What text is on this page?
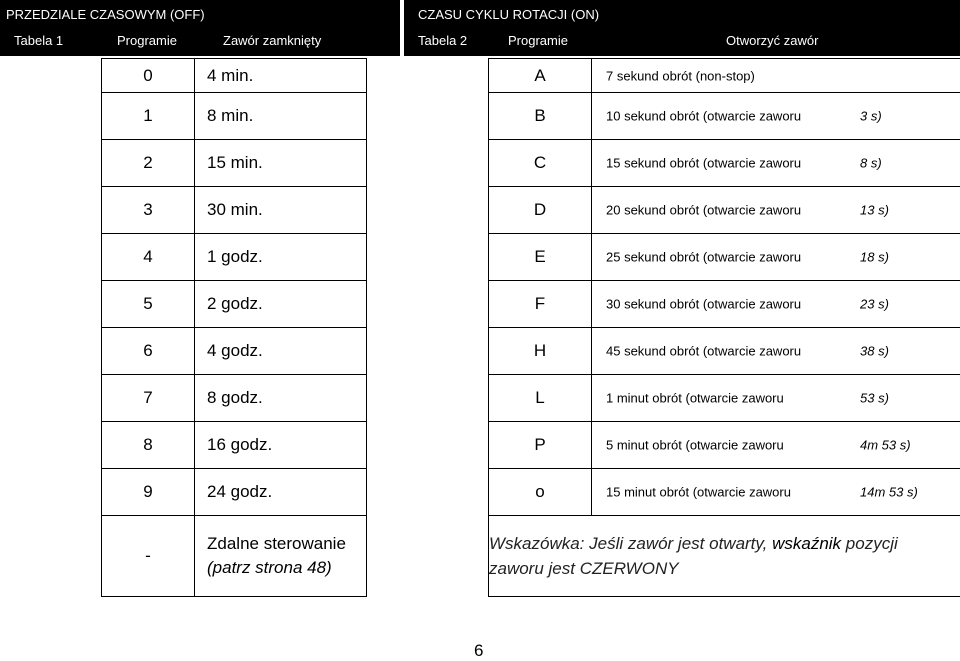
PRZEDZIALE CZASOWYM (OFF)
Tabela 1	Programie	Zawór zamknięty
CZASU CYKLU ROTACJI (ON)
Tabela 2	Programie	Otworzyć zawór
0	4 min.
1	8 min.
2	15 min.
3	30 min.
4	1 godz.
5	2 godz.
6	4 godz.
7	8 godz.
8	16 godz.
9	24 godz.
-	Zdalne sterowanie
(patrz strona 48)
A	7 sekund obrót (non-stop)

B	10 sekund obrót (otwarcie zaworu 3 s)

C	15 sekund obrót (otwarcie zaworu 8 s)

D	20 sekund obrót (otwarcie zaworu 13 s)

E	25 sekund obrót (otwarcie zaworu 18 s)

F	30 sekund obrót (otwarcie zaworu 23 s)

H	45 sekund obrót (otwarcie zaworu 38 s)

L	1 minut obrót (otwarcie zaworu 53 s)

P	5 minut obrót (otwarcie zaworu 4m 53 s)

o	15 minut obrót (otwarcie zaworu 14m 53 s)

Wskazówka: Jeśli zawór jest otwarty, wskaźnik pozycji
zaworu jest CZERWONY	
6
